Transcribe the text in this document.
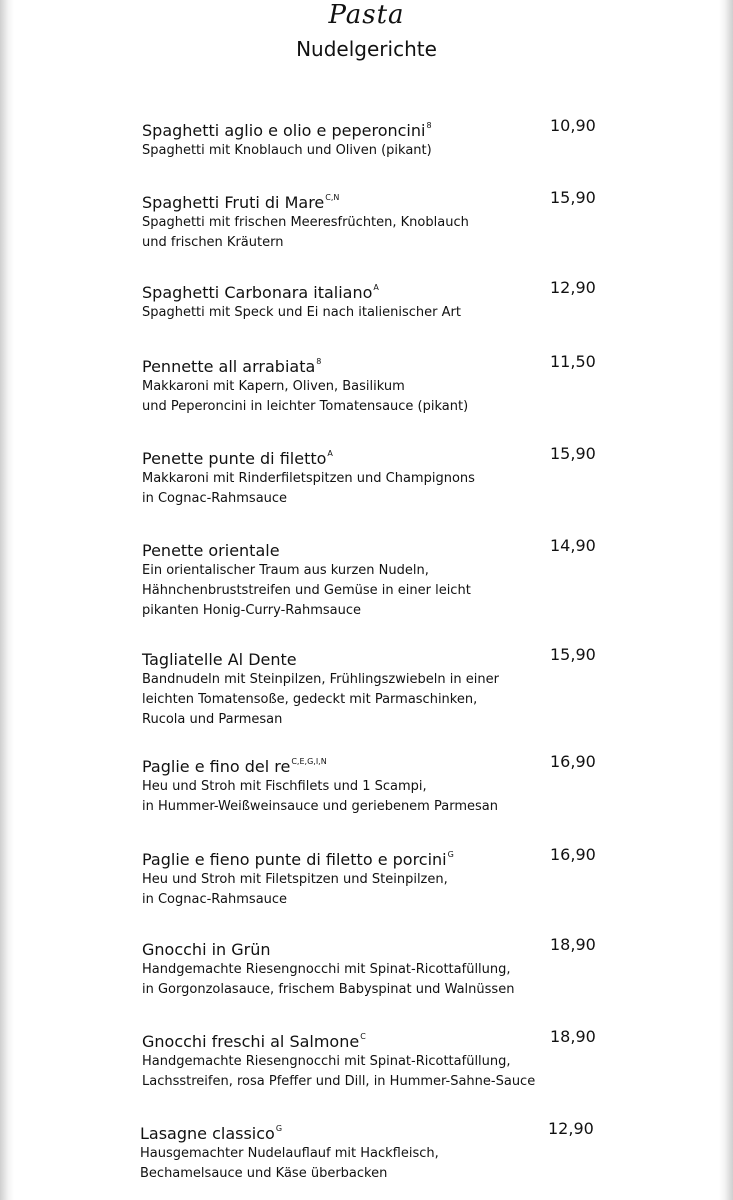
Pasta
Nudelgerichte
Spaghetti aglio e olio e peperoncini$^8$	10,90
Spaghetti mit Knoblauch und Oliven (pikant)
Spaghetti Fruti di Mare$^{C,N}$	15,90
Spaghetti mit frischen Meeresfrüchten, Knoblauch
und frischen Kräutern
Spaghetti Carbonara italiano$^A$	12,90
Spaghetti mit Speck und Ei nach italienischer Art
Pennette all arrabiata$^8$	11,50
Makkaroni mit Kapern, Oliven, Basilikum
und Peperoncini in leichter Tomatensauce (pikant)
Penette punte di filetto$^A$	15,90
Makkaroni mit Rinderfiletspitzen und Champignons
in Cognac-Rahmsauce
Penette orientale	14,90
Ein orientalischer Traum aus kurzen Nudeln,
Hähnchenbruststreifen und Gemüse in einer leicht
pikanten Honig-Curry-Rahmsauce
Tagliatelle Al Dente	15,90
Bandnudeln mit Steinpilzen, Frühlingszwiebeln in einer
leichten Tomatensoße, gedeckt mit Parmaschinken,
Rucola und Parmesan
Paglie e fino del $re^{C,E,G,I,N}$	16,90
Heu und Stroh mit Fischfilets und 1 Scampi,
in Hummer-Weißweinsauce und geriebenem Parmesan
Paglie e fieno punte di filetto e porcini$^G$	16,90
Heu und Stroh mit Filetspitzen und Steinpilzen,
in Cognac-Rahmsauce
Gnocchi in Grün	18,90
Handgemachte Riesengnocchi mit Spinat-Ricottafüllung,
in Gorgonzolasauce, frischem Babyspinat und Walnüssen
Gnocchi freschi al Salmone$^C$	18,90
Handgemachte Riesengnocchi mit Spinat-Ricottafüllung,
Lachsstreifen, rosa Pfeffer und Dill, in Hummer-Sahne-Sauce
Lasagne classico$^G$	12,90
Hausgemachter Nudelauflauf mit Hackfleisch,
Bechamelsauce und Käse überbacken
